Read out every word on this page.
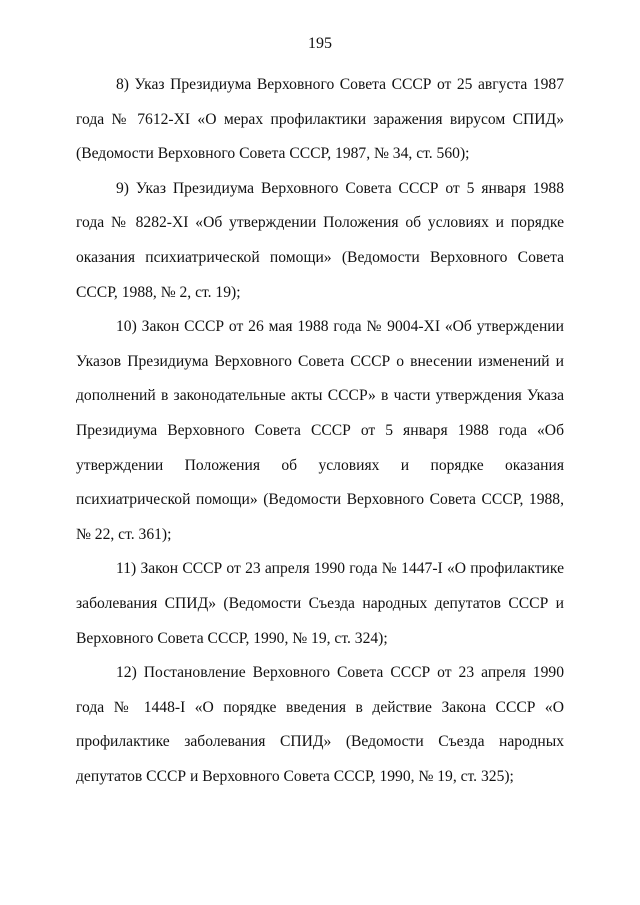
195

8) Указ Президиума Верховного Совета СССР от 25 августа 1987 года № 7612-XI «О мерах профилактики заражения вирусом СПИД» (Ведомости Верховного Совета СССР, 1987, № 34, ст. 560);

9) Указ Президиума Верховного Совета СССР от 5 января 1988 года № 8282-XI «Об утверждении Положения об условиях и порядке оказания психиатрической помощи» (Ведомости Верховного Совета СССР, 1988, № 2, ст. 19);

10) Закон СССР от 26 мая 1988 года № 9004-XI «Об утверждении Указов Президиума Верховного Совета СССР о внесении изменений и дополнений в законодательные акты СССР» в части утверждения Указа Президиума Верховного Совета СССР от 5 января 1988 года «Об утверждении Положения об условиях и порядке оказания психиатрической помощи» (Ведомости Верховного Совета СССР, 1988, № 22, ст. 361);

11) Закон СССР от 23 апреля 1990 года № 1447-I «О профилактике заболевания СПИД» (Ведомости Съезда народных депутатов СССР и Верховного Совета СССР, 1990, № 19, ст. 324);

12) Постановление Верховного Совета СССР от 23 апреля 1990 года № 1448-I «О порядке введения в действие Закона СССР «О профилактике заболевания СПИД» (Ведомости Съезда народных депутатов СССР и Верховного Совета СССР, 1990, № 19, ст. 325);
